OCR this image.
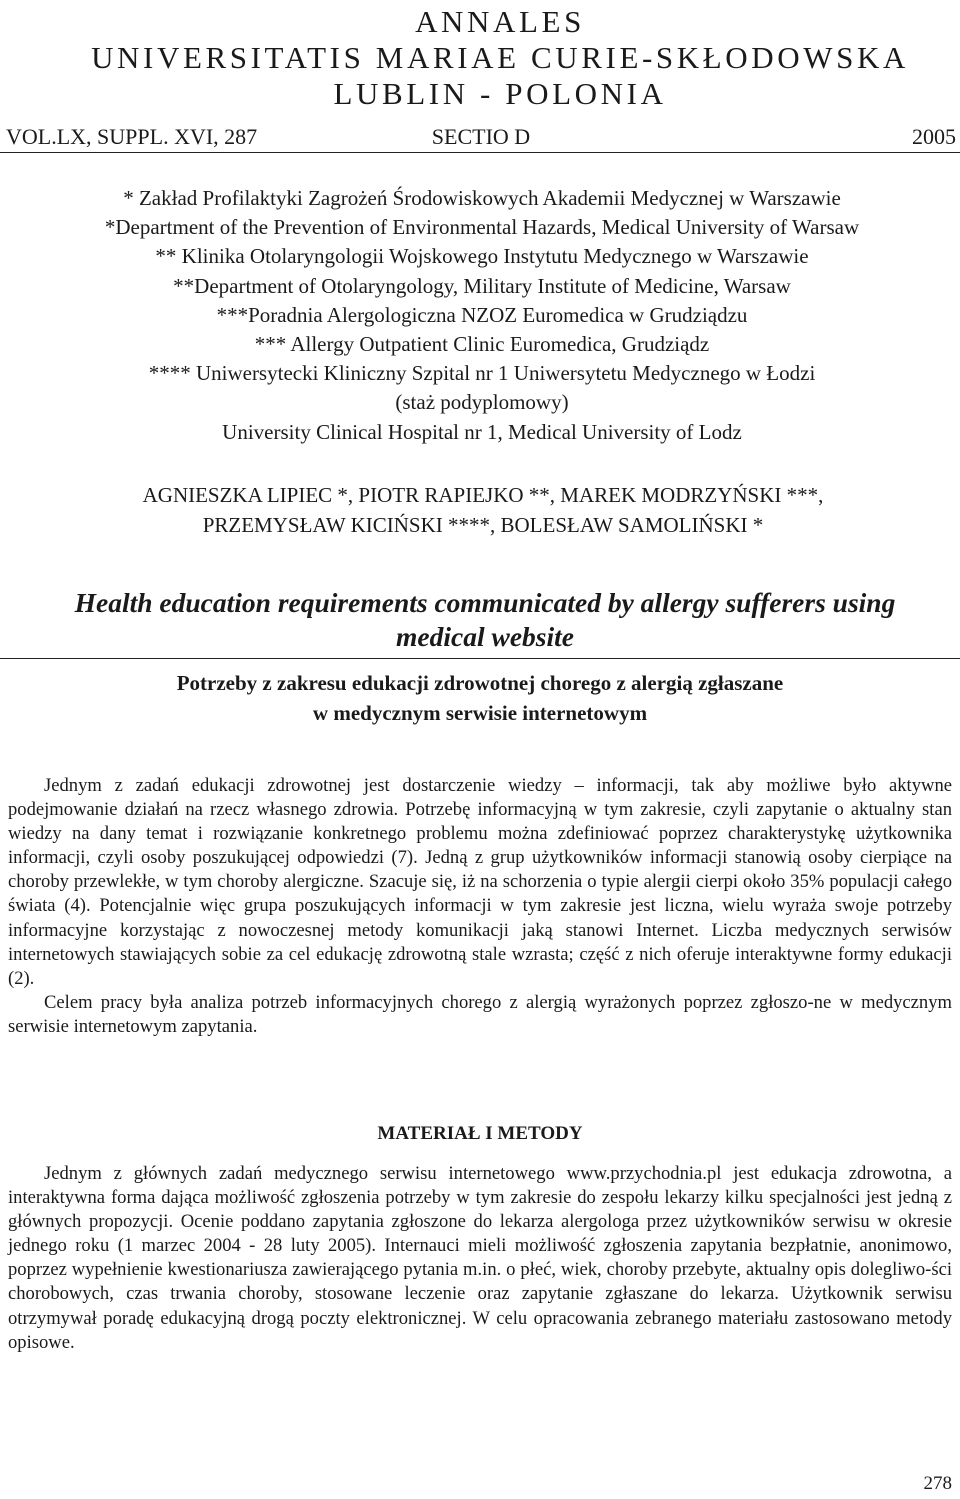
ANNALES
UNIVERSITATIS MARIAE CURIE-SKŁODOWSKA
LUBLIN - POLONIA
SECTIO D
VOL.LX, SUPPL. XVI, 287	2005
* Zakład Profilaktyki Zagrożeń Środowiskowych Akademii Medycznej w Warszawie
*Department of the Prevention of Environmental Hazards, Medical University of Warsaw
** Klinika Otolaryngologii Wojskowego Instytutu Medycznego w Warszawie
**Department of Otolaryngology, Military Institute of Medicine, Warsaw
***Poradnia Alergologiczna NZOZ Euromedica w Grudziądzu
*** Allergy Outpatient Clinic Euromedica, Grudziądz
**** Uniwersytecki Kliniczny Szpital nr 1 Uniwersytetu Medycznego w Łodzi
(staż podyplomowy)
University Clinical Hospital nr 1, Medical University of Lodz
AGNIESZKA LIPIEC *, PIOTR RAPIEJKO **, MAREK MODRZYŃSKI ***,
PRZEMYSŁAW KICIŃSKI ****, BOLESŁAW SAMOLIŃSKI *
Health education requirements communicated by allergy sufferers using
medical website
Potrzeby z zakresu edukacji zdrowotnej chorego z alergią zgłaszane
w medycznym serwisie internetowym

Jednym z zadań edukacji zdrowotnej jest dostarczenie wiedzy – informacji, tak aby możliwe było aktywne podejmowanie działań na rzecz własnego zdrowia. Potrzebę informacyjną w tym zakresie, czyli zapytanie o aktualny stan wiedzy na dany temat i rozwiązanie konkretnego problemu można zdefiniować poprzez charakterystykę użytkownika informacji, czyli osoby poszukującej odpowiedzi (7). Jedną z grup użytkowników informacji stanowią osoby cierpiące na choroby przewlekłe, w tym choroby alergiczne. Szacuje się, iż na schorzenia o typie alergii cierpi około 35% populacji całego świata (4). Potencjalnie więc grupa poszukujących informacji w tym zakresie jest liczna, wielu wyraża swoje potrzeby informacyjne korzystając z nowoczesnej metody komunikacji jaką stanowi Internet. Liczba medycznych serwisów internetowych stawiających sobie za cel edukację zdrowotną stale wzrasta; część z nich oferuje interaktywne formy edukacji (2).

Celem pracy była analiza potrzeb informacyjnych chorego z alergią wyrażonych poprzez zgłoszo-ne w medycznym serwisie internetowym zapytania.

MATERIAŁ I METODY

Jednym z głównych zadań medycznego serwisu internetowego www.przychodnia.pl jest edukacja zdrowotna, a interaktywna forma dająca możliwość zgłoszenia potrzeby w tym zakresie do zespołu lekarzy kilku specjalności jest jedną z głównych propozycji. Ocenie poddano zapytania zgłoszone do lekarza alergologa przez użytkowników serwisu w okresie jednego roku (1 marzec 2004 - 28 luty 2005). Internauci mieli możliwość zgłoszenia zapytania bezpłatnie, anonimowo, poprzez wypełnienie kwestionariusza zawierającego pytania m.in. o płeć, wiek, choroby przebyte, aktualny opis dolegliwo-ści chorobowych, czas trwania choroby, stosowane leczenie oraz zapytanie zgłaszane do lekarza. Użytkownik serwisu otrzymywał poradę edukacyjną drogą poczty elektronicznej. W celu opracowania zebranego materiału zastosowano metody opisowe.

278
